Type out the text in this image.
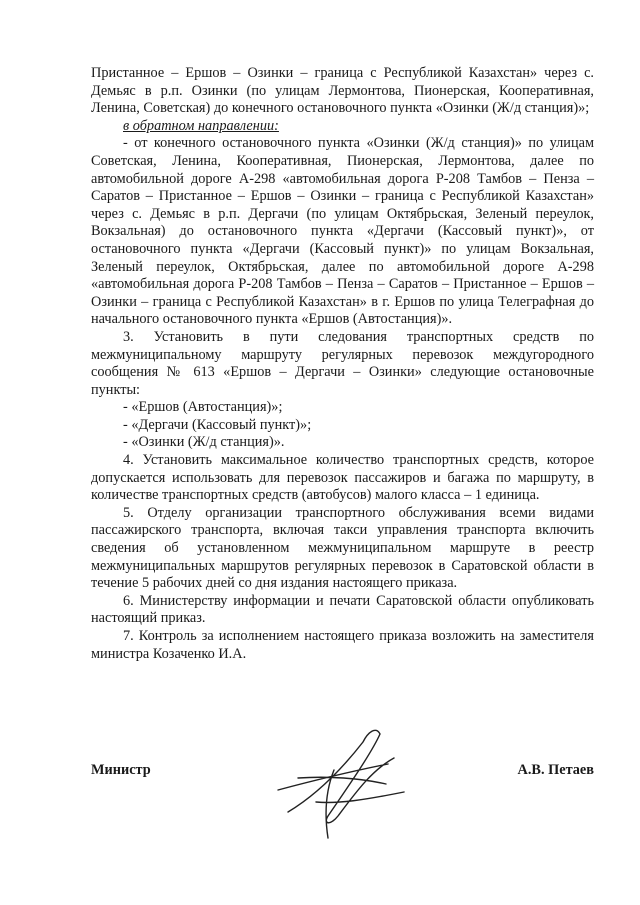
Пристанное – Ершов – Озинки – граница с Республикой Казахстан» через с. Демьяс в р.п. Озинки (по улицам Лермонтова, Пионерская, Кооперативная, Ленина, Советская) до конечного остановочного пункта «Озинки (Ж/д станция)»;

в обратном направлении:

- от конечного остановочного пункта «Озинки (Ж/д станция)» по улицам Советская, Ленина, Кооперативная, Пионерская, Лермонтова, далее по автомобильной дороге А-298 «автомобильная дорога Р-208 Тамбов – Пенза – Саратов – Пристанное – Ершов – Озинки – граница с Республикой Казахстан» через с. Демьяс в р.п. Дергачи (по улицам Октябрьская, Зеленый переулок, Вокзальная) до остановочного пункта «Дергачи (Кассовый пункт)», от остановочного пункта «Дергачи (Кассовый пункт)» по улицам Вокзальная, Зеленый переулок, Октябрьская, далее по автомобильной дороге А-298 «автомобильная дорога Р-208 Тамбов – Пенза – Саратов – Пристанное – Ершов – Озинки – граница с Республикой Казахстан» в г. Ершов по улица Телеграфная до начального остановочного пункта «Ершов (Автостанция)».

3. Установить в пути следования транспортных средств по межмуниципальному маршруту регулярных перевозок междугородного сообщения № 613 «Ершов – Дергачи – Озинки» следующие остановочные пункты:

- «Ершов (Автостанция)»;

- «Дергачи (Кассовый пункт)»;

- «Озинки (Ж/д станция)».

4. Установить максимальное количество транспортных средств, которое допускается использовать для перевозок пассажиров и багажа по маршруту, в количестве транспортных средств (автобусов) малого класса – 1 единица.

5. Отделу организации транспортного обслуживания всеми видами пассажирского транспорта, включая такси управления транспорта включить сведения об установленном межмуниципальном маршруте в реестр межмуниципальных маршрутов регулярных перевозок в Саратовской области в течение 5 рабочих дней со дня издания настоящего приказа.

6. Министерству информации и печати Саратовской области опубликовать настоящий приказ.

7. Контроль за исполнением настоящего приказа возложить на заместителя министра Козаченко И.А.

Министр	А.В. Петаев
